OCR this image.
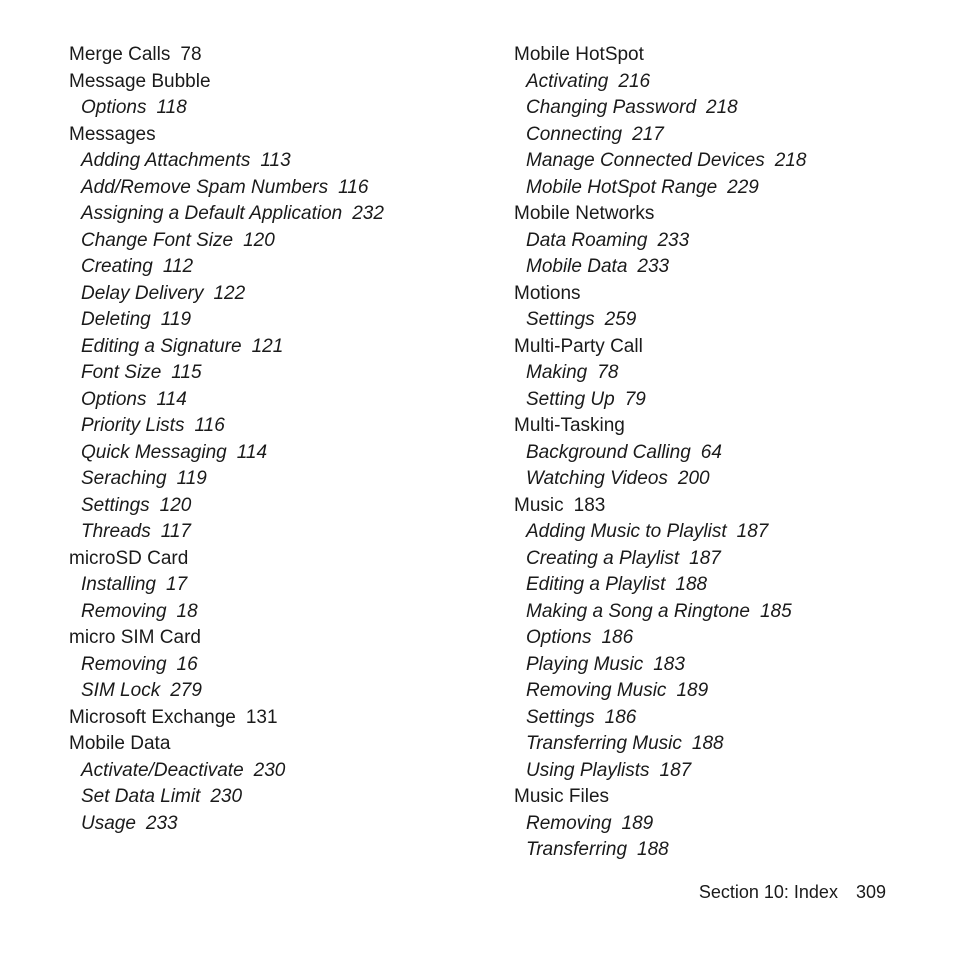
Merge Calls 78
Message Bubble
Options 118
Messages
Adding Attachments 113
Add/Remove Spam Numbers 116
Assigning a Default Application 232
Change Font Size 120
Creating 112
Delay Delivery 122
Deleting 119
Editing a Signature 121
Font Size 115
Options 114
Priority Lists 116
Quick Messaging 114
Seraching 119
Settings 120
Threads 117
microSD Card
Installing 17
Removing 18
micro SIM Card
Removing 16
SIM Lock 279
Microsoft Exchange 131
Mobile Data
Activate/Deactivate 230
Set Data Limit 230
Usage 233
Mobile HotSpot
Activating 216
Changing Password 218
Connecting 217
Manage Connected Devices 218
Mobile HotSpot Range 229
Mobile Networks
Data Roaming 233
Mobile Data 233
Motions
Settings 259
Multi-Party Call
Making 78
Setting Up 79
Multi-Tasking
Background Calling 64
Watching Videos 200
Music 183
Adding Music to Playlist 187
Creating a Playlist 187
Editing a Playlist 188
Making a Song a Ringtone 185
Options 186
Playing Music 183
Removing Music 189
Settings 186
Transferring Music 188
Using Playlists 187
Music Files
Removing 189
Transferring 188
Section 10: Index 309
